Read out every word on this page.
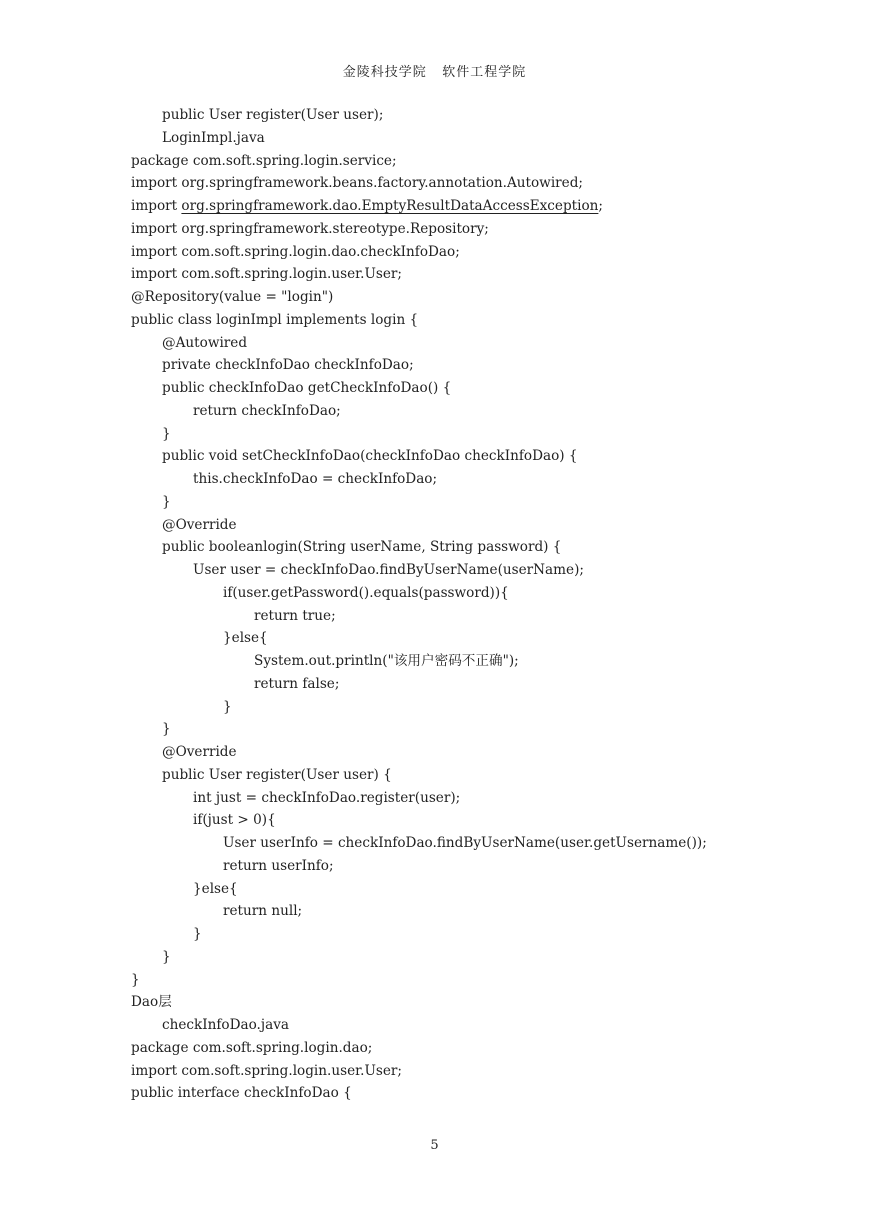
金陵科技学院 软件工程学院
public User register(User user);
LoginImpl.java
package com.soft.spring.login.service;
import org.springframework.beans.factory.annotation.Autowired;
import org.springframework.dao.EmptyResultDataAccessException;
import org.springframework.stereotype.Repository;
import com.soft.spring.login.dao.checkInfoDao;
import com.soft.spring.login.user.User;
@Repository(value = "login")
public class loginImpl implements login {
@Autowired
private checkInfoDao checkInfoDao;
public checkInfoDao getCheckInfoDao() {
return checkInfoDao;
}
public void setCheckInfoDao(checkInfoDao checkInfoDao) {
this.checkInfoDao = checkInfoDao;
}
@Override
public booleanlogin(String userName, String password) {
User user = checkInfoDao.findByUserName(userName);
if(user.getPassword().equals(password)){
return true;
}else{
System.out.println("该用户密码不正确");
return false;
}
}
@Override
public User register(User user) {
int just = checkInfoDao.register(user);
if(just > 0){
User userInfo = checkInfoDao.findByUserName(user.getUsername());
return userInfo;
}else{
return null;
}
}
}
Dao层
checkInfoDao.java
package com.soft.spring.login.dao;
import com.soft.spring.login.user.User;
public interface checkInfoDao {
5
